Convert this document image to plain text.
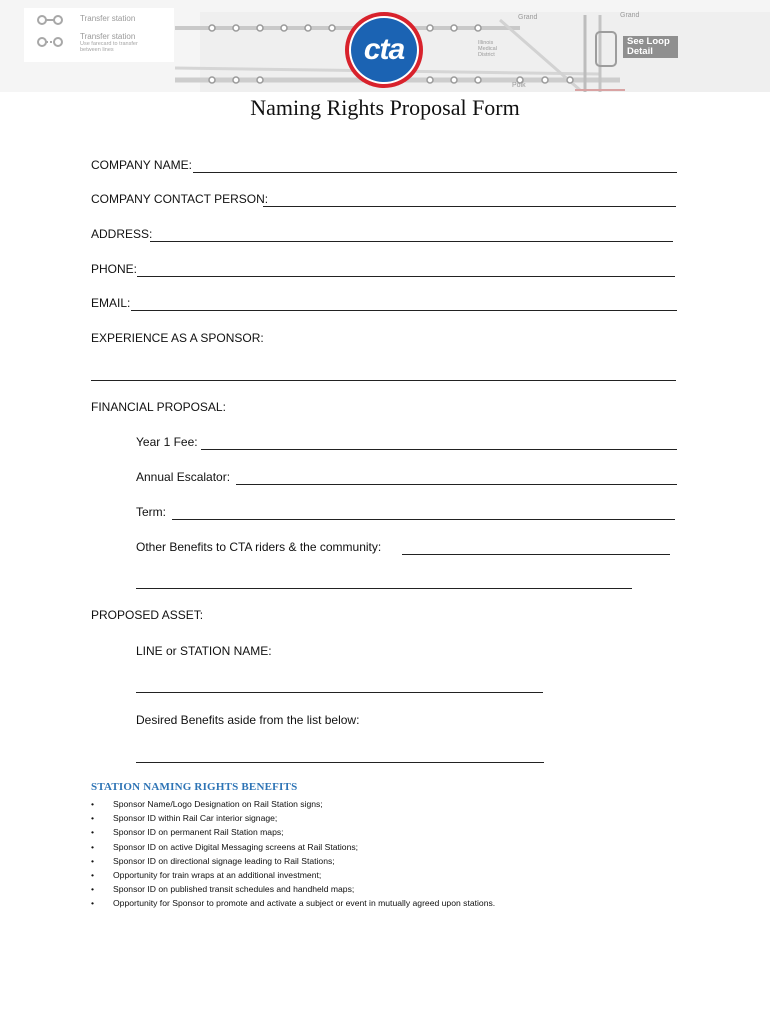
Transfer station
Transfer station
Use farecard to transfer between lines
Grand	Grand
Polk
Illinois Medical District
See Loop Detail
cta
Naming Rights Proposal Form
COMPANY NAME:
COMPANY CONTACT PERSON:
ADDRESS:
PHONE:
EMAIL:
EXPERIENCE AS A SPONSOR:
FINANCIAL PROPOSAL:
Year 1 Fee:
Annual Escalator:
Term:
Other Benefits to CTA riders & the community:
PROPOSED ASSET:
LINE or STATION NAME:
Desired Benefits aside from the list below:
STATION NAMING RIGHTS BENEFITS
• Sponsor Name/Logo Designation on Rail Station signs;
• Sponsor ID within Rail Car interior signage;
• Sponsor ID on permanent Rail Station maps;
• Sponsor ID on active Digital Messaging screens at Rail Stations;
• Sponsor ID on directional signage leading to Rail Stations;
• Opportunity for train wraps at an additional investment;
• Sponsor ID on published transit schedules and handheld maps;
• Opportunity for Sponsor to promote and activate a subject or event in mutually agreed upon stations.
